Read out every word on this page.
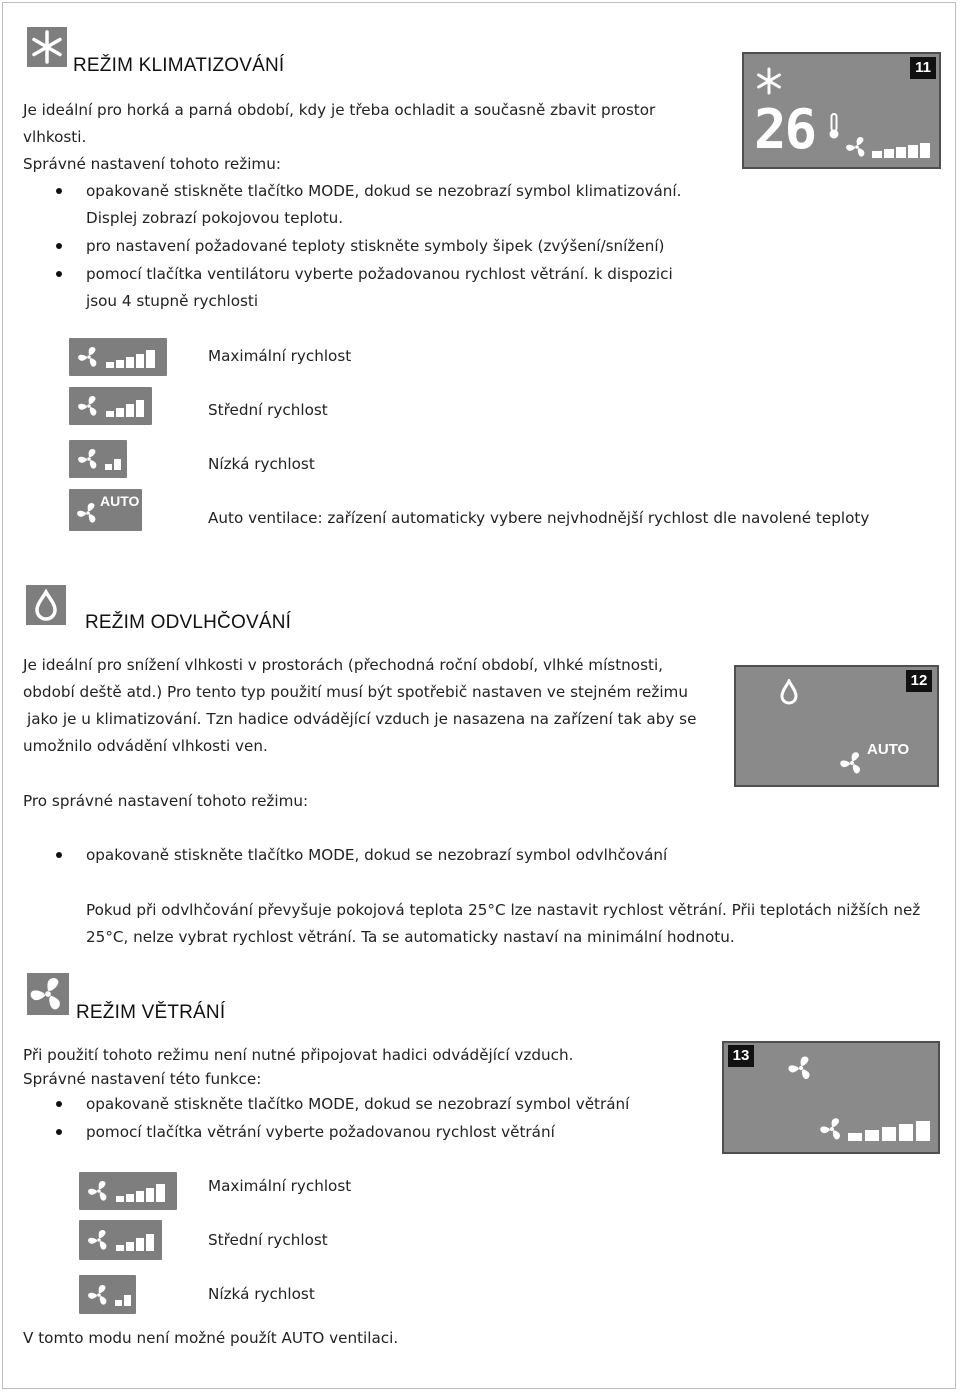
REŽIM KLIMATIZOVÁNÍ
Je ideální pro horká a parná období, kdy je třeba ochladit a současně zbavit prostor
vlhkosti.
Správné nastavení tohoto režimu:
opakovaně stiskněte tlačítko MODE, dokud se nezobrazí symbol klimatizování.
Displej zobrazí pokojovou teplotu.
pro nastavení požadované teploty stiskněte symboly šipek (zvýšení/snížení)
pomocí tlačítka ventilátoru vyberte požadovanou rychlost větrání. k dispozici
jsou 4 stupně rychlosti
11
26
Maximální rychlost
Střední rychlost
Nízká rychlost
AUTO
Auto ventilace: zařízení automaticky vybere nejvhodnější rychlost dle navolené teploty
REŽIM ODVLHČOVÁNÍ
Je ideální pro snížení vlhkosti v prostorách (přechodná roční období, vlhké místnosti,
období deště atd.) Pro tento typ použití musí být spotřebič nastaven ve stejném režimu
jako je u klimatizování. Tzn hadice odvádějící vzduch je nasazena na zařízení tak aby se
umožnilo odvádění vlhkosti ven.
12
AUTO
Pro správné nastavení tohoto režimu:
opakovaně stiskněte tlačítko MODE, dokud se nezobrazí symbol odvlhčování
Pokud při odvlhčování převyšuje pokojová teplota 25°C lze nastavit rychlost větrání. Přii teplotách nižších než
25°C, nelze vybrat rychlost větrání. Ta se automaticky nastaví na minimální hodnotu.
REŽIM VĚTRÁNÍ
Při použití tohoto režimu není nutné připojovat hadici odvádějící vzduch.
Správné nastavení této funkce:
opakovaně stiskněte tlačítko MODE, dokud se nezobrazí symbol větrání
pomocí tlačítka větrání vyberte požadovanou rychlost větrání
13
Maximální rychlost
Střední rychlost
Nízká rychlost
V tomto modu není možné použít AUTO ventilaci.
